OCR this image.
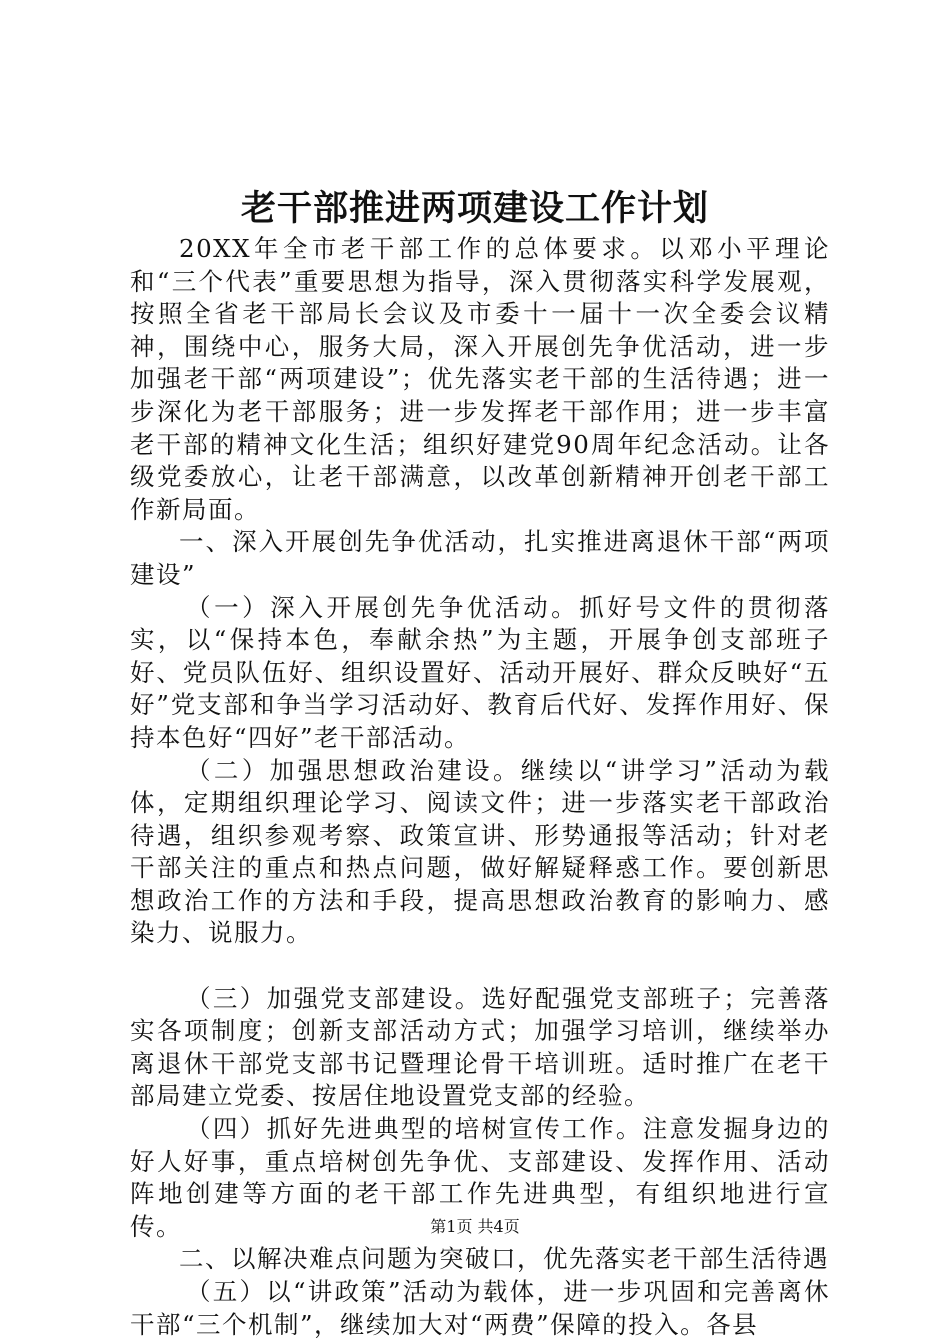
老干部推进两项建设工作计划

20XX年全市老干部工作的总体要求。以邓小平理论和“三个代表”重要思想为指导，深入贯彻落实科学发展观，按照全省老干部局长会议及市委十一届十一次全委会议精神，围绕中心，服务大局，深入开展创先争优活动，进一步加强老干部“两项建设”；优先落实老干部的生活待遇；进一步深化为老干部服务；进一步发挥老干部作用；进一步丰富老干部的精神文化生活；组织好建党90周年纪念活动。让各级党委放心，让老干部满意，以改革创新精神开创老干部工作新局面。

一、深入开展创先争优活动，扎实推进离退休干部“两项建设”

（一）深入开展创先争优活动。抓好号文件的贯彻落实，以“保持本色，奉献余热”为主题，开展争创支部班子好、党员队伍好、组织设置好、活动开展好、群众反映好“五好”党支部和争当学习活动好、教育后代好、发挥作用好、保持本色好“四好”老干部活动。

（二）加强思想政治建设。继续以“讲学习”活动为载体，定期组织理论学习、阅读文件；进一步落实老干部政治待遇，组织参观考察、政策宣讲、形势通报等活动；针对老干部关注的重点和热点问题，做好解疑释惑工作。要创新思想政治工作的方法和手段，提高思想政治教育的影响力、感染力、说服力。

（三）加强党支部建设。选好配强党支部班子；完善落实各项制度；创新支部活动方式；加强学习培训，继续举办离退休干部党支部书记暨理论骨干培训班。适时推广在老干部局建立党委、按居住地设置党支部的经验。

（四）抓好先进典型的培树宣传工作。注意发掘身边的好人好事，重点培树创先争优、支部建设、发挥作用、活动阵地创建等方面的老干部工作先进典型，有组织地进行宣传。

二、以解决难点问题为突破口，优先落实老干部生活待遇

（五）以“讲政策”活动为载体，进一步巩固和完善离休干部“三个机制”，继续加大对“两费”保障的投入。各县

第1页 共4页
